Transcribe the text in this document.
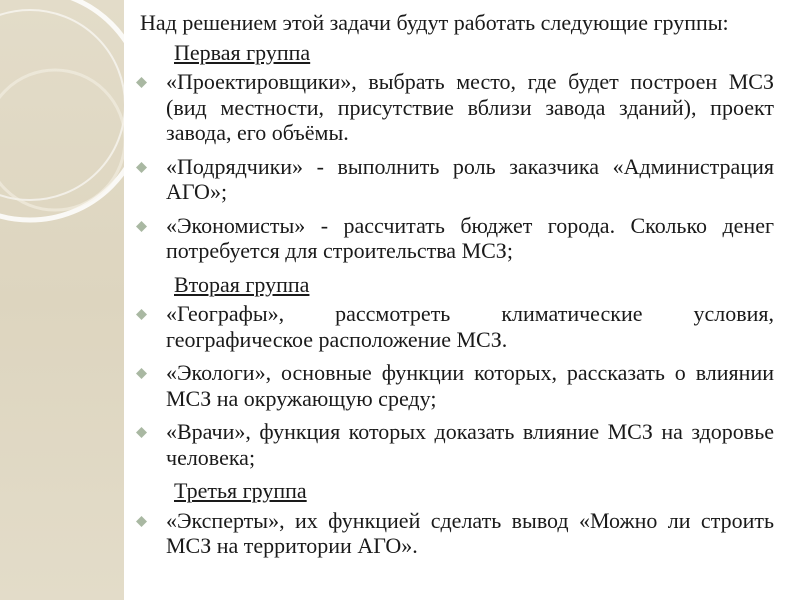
Над решением этой задачи будут работать следующие группы:

Первая группа
«Проектировщики», выбрать место, где будет построен МСЗ (вид местности, присутствие вблизи завода зданий), проект завода, его объёмы.
«Подрядчики» - выполнить роль заказчика «Администрация АГО»;
«Экономисты» - рассчитать бюджет города. Сколько денег потребуется для строительства МСЗ;
Вторая группа
«Географы», рассмотреть климатические условия, географическое расположение МСЗ.
«Экологи», основные функции которых, рассказать о влиянии МСЗ на окружающую среду;
«Врачи», функция которых доказать влияние МСЗ на здоровье человека;
Третья группа
«Эксперты», их функцией сделать вывод «Можно ли строить МСЗ на территории АГО».
